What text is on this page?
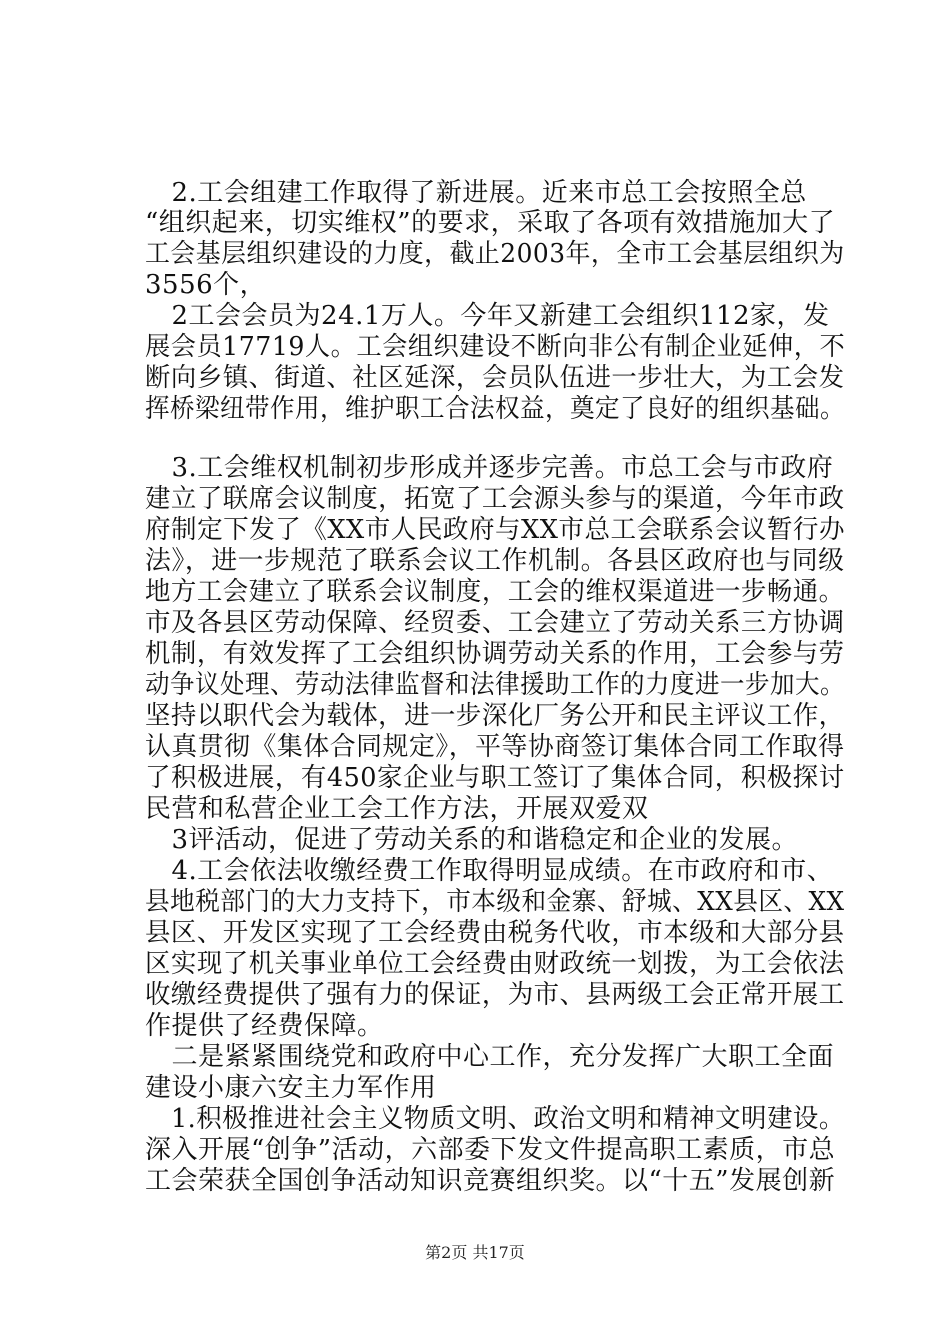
　2.工会组建工作取得了新进展。近来市总工会按照全总
“组织起来，切实维权”的要求，采取了各项有效措施加大了
工会基层组织建设的力度，截止2003年，全市工会基层组织为
3556个，
　2工会会员为24.1万人。今年又新建工会组织112家，发
展会员17719人。工会组织建设不断向非公有制企业延伸，不
断向乡镇、街道、社区延深，会员队伍进一步壮大，为工会发
挥桥梁纽带作用，维护职工合法权益，奠定了良好的组织基础。
　3.工会维权机制初步形成并逐步完善。市总工会与市政府
建立了联席会议制度，拓宽了工会源头参与的渠道，今年市政
府制定下发了《XX市人民政府与XX市总工会联系会议暂行办
法》，进一步规范了联系会议工作机制。各县区政府也与同级
地方工会建立了联系会议制度，工会的维权渠道进一步畅通。
市及各县区劳动保障、经贸委、工会建立了劳动关系三方协调
机制，有效发挥了工会组织协调劳动关系的作用，工会参与劳
动争议处理、劳动法律监督和法律援助工作的力度进一步加大。
坚持以职代会为载体，进一步深化厂务公开和民主评议工作，
认真贯彻《集体合同规定》，平等协商签订集体合同工作取得
了积极进展，有450家企业与职工签订了集体合同，积极探讨
民营和私营企业工会工作方法，开展双爱双
　3评活动，促进了劳动关系的和谐稳定和企业的发展。
　4.工会依法收缴经费工作取得明显成绩。在市政府和市、
县地税部门的大力支持下，市本级和金寨、舒城、XX县区、XX
县区、开发区实现了工会经费由税务代收，市本级和大部分县
区实现了机关事业单位工会经费由财政统一划拨，为工会依法
收缴经费提供了强有力的保证，为市、县两级工会正常开展工
作提供了经费保障。
　二是紧紧围绕党和政府中心工作，充分发挥广大职工全面
建设小康六安主力军作用
　1.积极推进社会主义物质文明、政治文明和精神文明建设。
深入开展“创争”活动，六部委下发文件提高职工素质，市总
工会荣获全国创争活动知识竞赛组织奖。以“十五”发展创新
第2页 共17页
